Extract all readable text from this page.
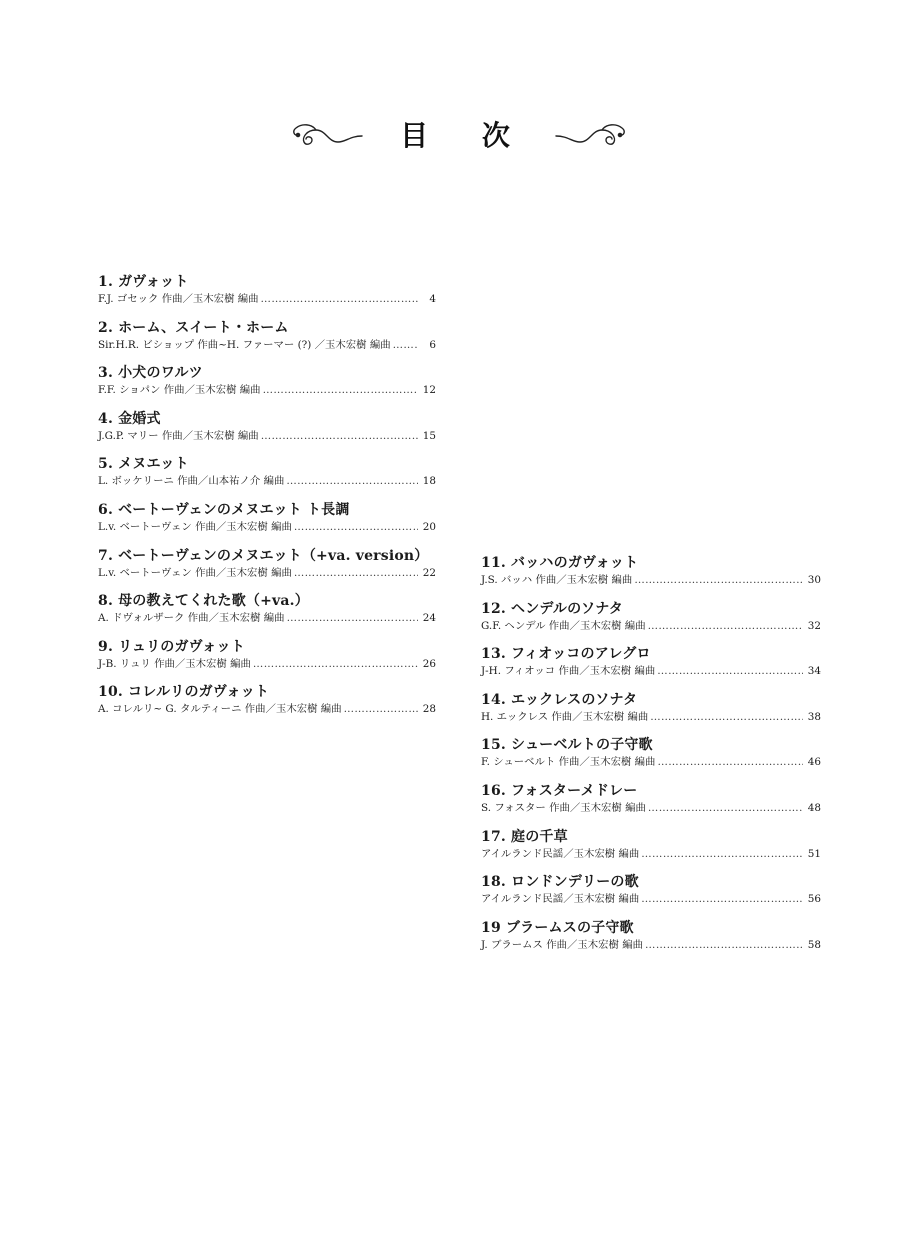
目 次
1. ガヴォット
F.J. ゴセック 作曲／玉木宏樹 編曲 ………………………………………………………………………………………………………………	4
2. ホーム、スイート・ホーム
Sir.H.R. ビショップ 作曲~H. ファーマー (?) ／玉木宏樹 編曲 ………………………………………………………………………………………………………………	6
3. 小犬のワルツ
F.F. ショパン 作曲／玉木宏樹 編曲 ………………………………………………………………………………………………………………	12
4. 金婚式
J.G.P. マリー 作曲／玉木宏樹 編曲 ………………………………………………………………………………………………………………	15
5. メヌエット
L. ボッケリーニ 作曲／山本祐ノ介 編曲 ………………………………………………………………………………………………………………	18
6. ベートーヴェンのメヌエット ト長調
L.v. ベートーヴェン 作曲／玉木宏樹 編曲 ………………………………………………………………………………………………………………	20
7. ベートーヴェンのメヌエット（+va. version）
L.v. ベートーヴェン 作曲／玉木宏樹 編曲 ………………………………………………………………………………………………………………	22
8. 母の教えてくれた歌（+va.）
A. ドヴォルザーク 作曲／玉木宏樹 編曲 ………………………………………………………………………………………………………………	24
9. リュリのガヴォット
J-B. リュリ 作曲／玉木宏樹 編曲 ………………………………………………………………………………………………………………	26
10. コレルリのガヴォット
A. コレルリ~ G. タルティーニ 作曲／玉木宏樹 編曲 ………………………………………………………………………………………………………………	28
11. バッハのガヴォット
J.S. バッハ 作曲／玉木宏樹 編曲 ………………………………………………………………………………………………………………	30
12. ヘンデルのソナタ
G.F. ヘンデル 作曲／玉木宏樹 編曲 ………………………………………………………………………………………………………………	32
13. フィオッコのアレグロ
J-H. フィオッコ 作曲／玉木宏樹 編曲 ………………………………………………………………………………………………………………	34
14. エックレスのソナタ
H. エックレス 作曲／玉木宏樹 編曲 ………………………………………………………………………………………………………………	38
15. シューベルトの子守歌
F. シューベルト 作曲／玉木宏樹 編曲 ………………………………………………………………………………………………………………	46
16. フォスターメドレー
S. フォスター 作曲／玉木宏樹 編曲 ………………………………………………………………………………………………………………	48
17. 庭の千草
アイルランド民謡／玉木宏樹 編曲 ………………………………………………………………………………………………………………	51
18. ロンドンデリーの歌
アイルランド民謡／玉木宏樹 編曲 ………………………………………………………………………………………………………………	56
19 ブラームスの子守歌
J. ブラームス 作曲／玉木宏樹 編曲 ………………………………………………………………………………………………………………	58
